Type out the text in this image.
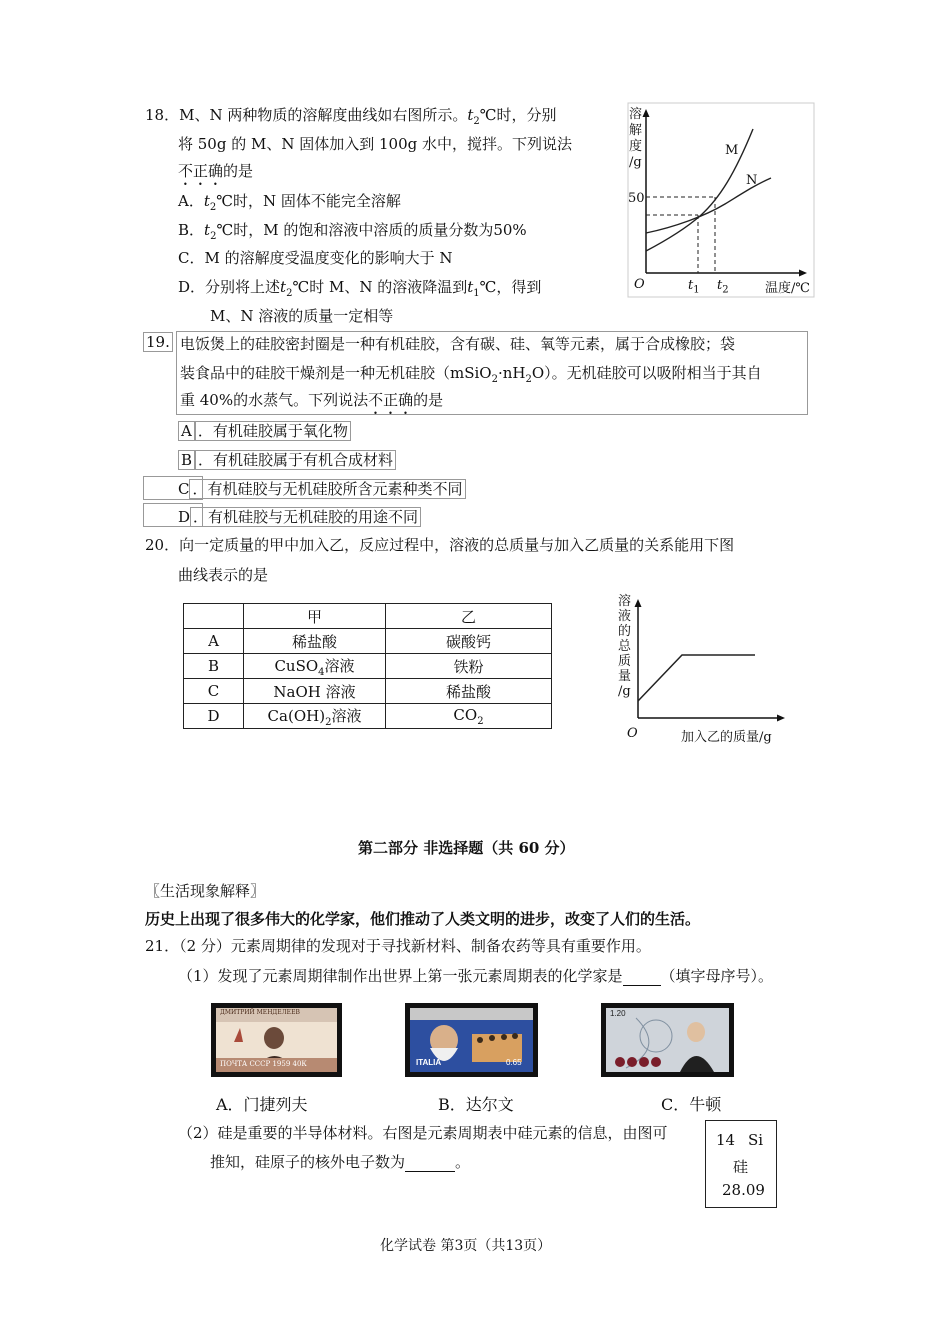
18．M、N 两种物质的溶解度曲线如右图所示。$t_2℃$时，分别
将 50g 的 M、N 固体加入到 100g 水中，搅拌。下列说法
不正确的是
A．$t_2℃$时，N 固体不能完全溶解
B．$t_2℃$时，M 的饱和溶液中溶质的质量分数为50%
C．M 的溶解度受温度变化的影响大于 N
D．分别将上述$t_2℃$时 M、N 的溶液降温到$t_1℃$，得到
M、N 溶液的质量一定相等
溶
解
度
/g
50
O	$t_1$ $t_2$	温度/℃
M
N
19. 电饭煲上的硅胶密封圈是一种有机硅胶，含有碳、硅、氧等元素，属于合成橡胶；袋
装食品中的硅胶干燥剂是一种无机硅胶$(mSiO_2\cdot nH_2O)$。无机硅胶可以吸附相当于其自
重 40%的水蒸气。下列说法不正确的是
A ．有机硅胶属于氧化物
B ．有机硅胶属于有机合成材料
C ．有机硅胶与无机硅胶所含元素种类不同
D ．有机硅胶与无机硅胶的用途不同
20．向一定质量的甲中加入乙，反应过程中，溶液的总质量与加入乙质量的关系能用下图
曲线表示的是
	甲	乙
A	稀盐酸	碳酸钙
B	CuSO$_4$溶液	铁粉
C	NaOH 溶液	稀盐酸
D	$Ca(OH)_2$溶液	$CO_2$
溶
液
的
总
质
量
/g
O	加入乙的质量/g
第二部分 非选择题（共 60 分）
〖生活现象解释〗
历史上出现了很多伟大的化学家，他们推动了人类文明的进步，改变了人们的生活。
21．（2 分）元素周期律的发现对于寻找新材料、制备农药等具有重要作用。
（1）发现了元素周期律制作出世界上第一张元素周期表的化学家是	（填字母序号）。
ДМИТРИЙ МЕНДЕЛЕЕВ
ПОЧТА СССР 1959 40К	ITALIA	0.65
1.20
A．门捷列夫	B．达尔文	C．牛顿
（2）硅是重要的半导体材料。右图是元素周期表中硅元素的信息，由图可
推知，硅原子的核外电子数为	。
14 Si
硅
28.09
化学试卷 第3页（共13页）
